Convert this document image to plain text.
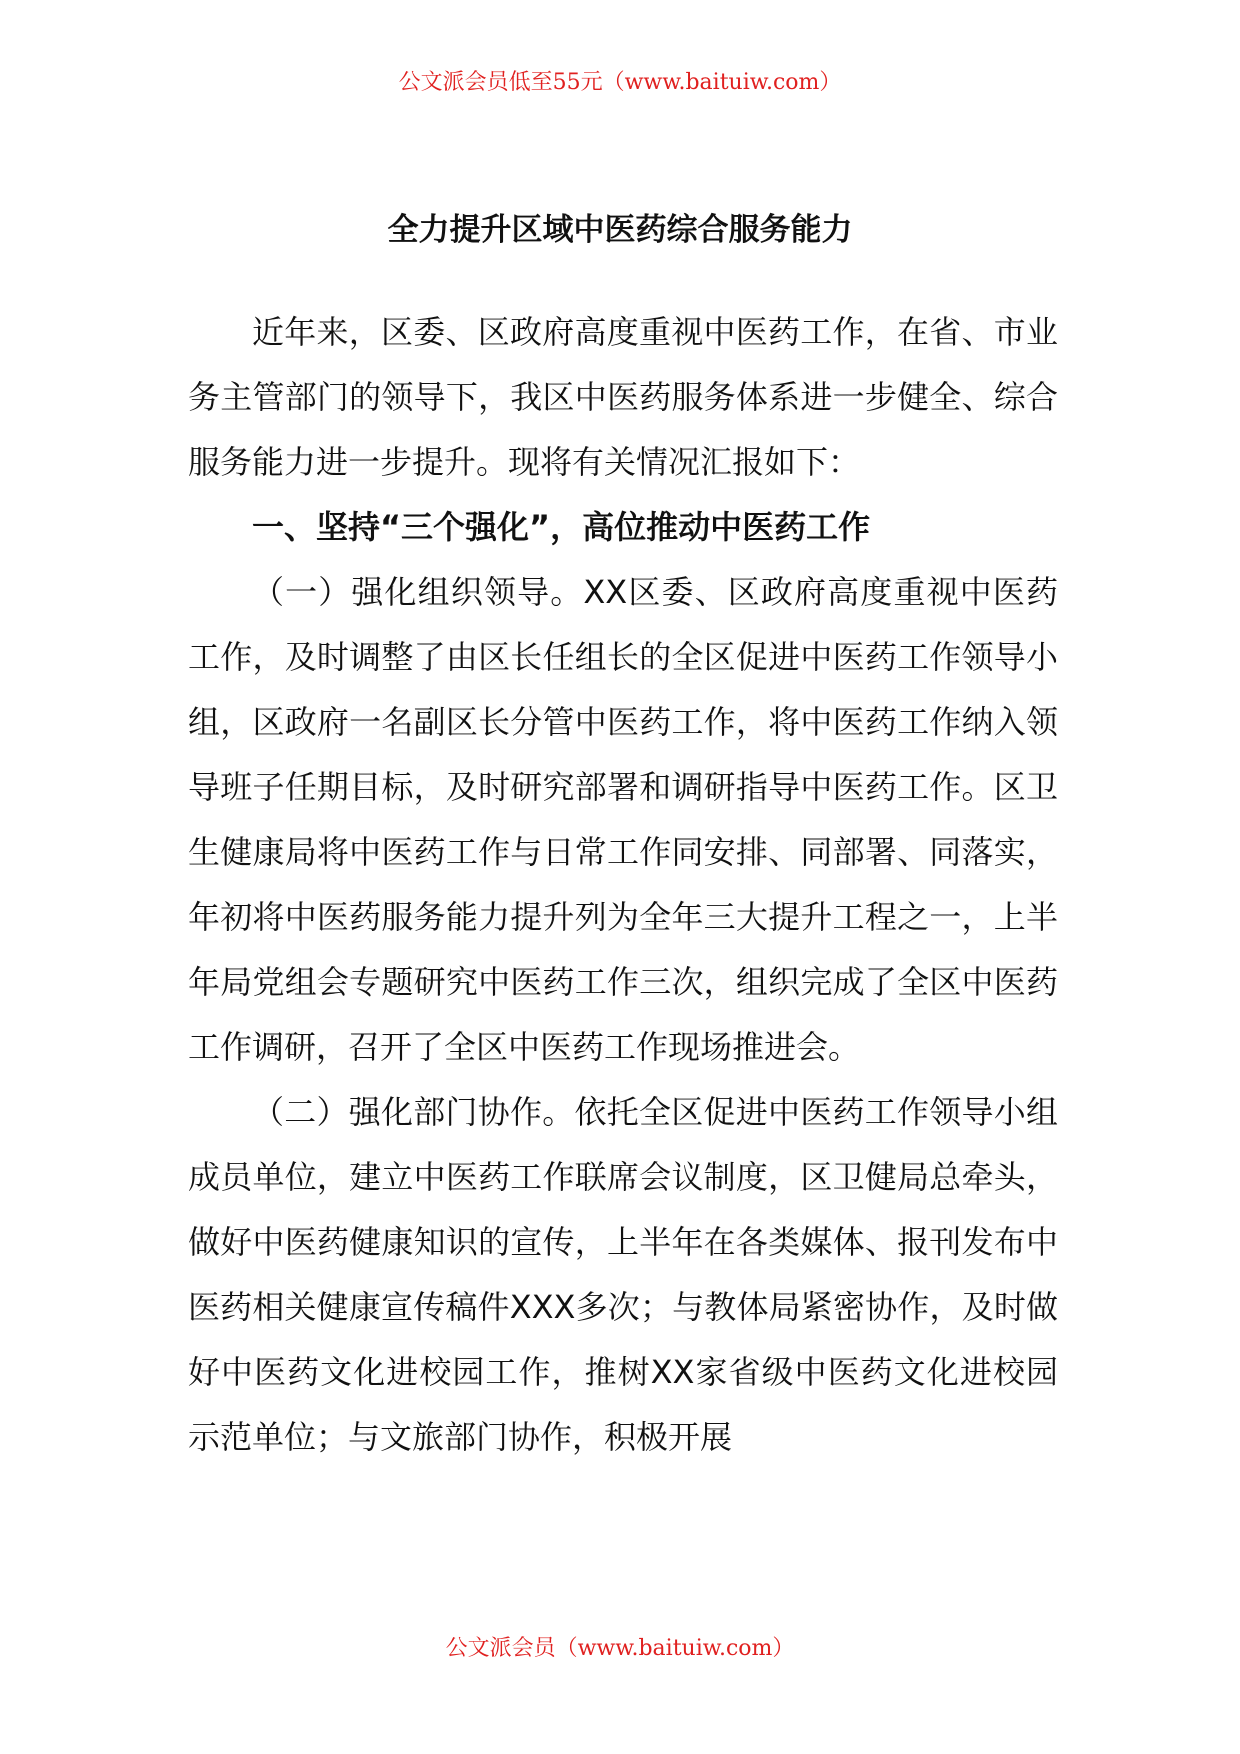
公文派会员低至55元（www.baituiw.com）
全力提升区域中医药综合服务能力

近年来，区委、区政府高度重视中医药工作，在省、市业务主管部门的领导下，我区中医药服务体系进一步健全、综合服务能力进一步提升。现将有关情况汇报如下：

一、坚持“三个强化”，高位推动中医药工作

（一）强化组织领导。XX区委、区政府高度重视中医药工作，及时调整了由区长任组长的全区促进中医药工作领导小组，区政府一名副区长分管中医药工作，将中医药工作纳入领导班子任期目标，及时研究部署和调研指导中医药工作。区卫生健康局将中医药工作与日常工作同安排、同部署、同落实，年初将中医药服务能力提升列为全年三大提升工程之一，上半年局党组会专题研究中医药工作三次，组织完成了全区中医药工作调研，召开了全区中医药工作现场推进会。

（二）强化部门协作。依托全区促进中医药工作领导小组成员单位，建立中医药工作联席会议制度，区卫健局总牵头，做好中医药健康知识的宣传，上半年在各类媒体、报刊发布中医药相关健康宣传稿件XXX多次；与教体局紧密协作，及时做好中医药文化进校园工作，推树XX家省级中医药文化进校园示范单位；与文旅部门协作，积极开展

公文派会员（www.baituiw.com）
